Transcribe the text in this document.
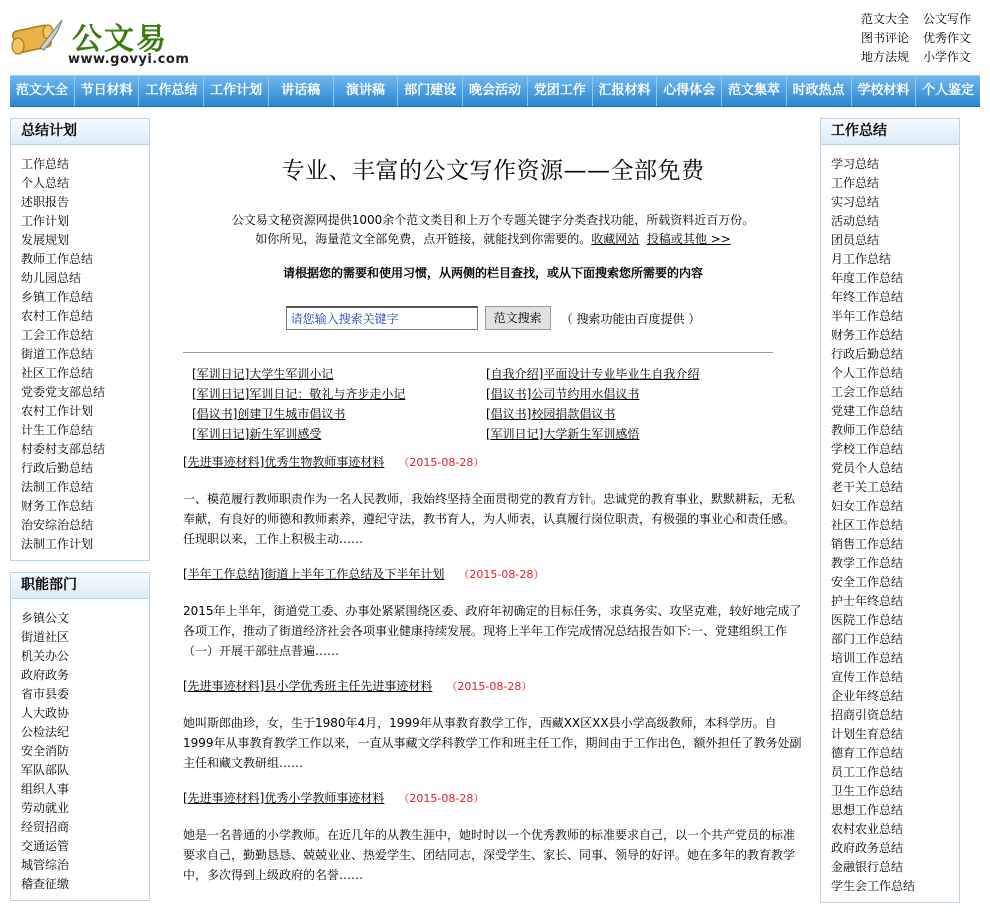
公文易
www.govyi.com
范文大全 公文写作
图书评论 优秀作文
地方法规 小学作文
范文大全 节日材料 工作总结 工作计划	讲话稿	演讲稿	部门建设 晚会活动 党团工作 汇报材料 心得体会 范文集萃 时政热点 学校材料 个人鉴定
总结计划
工作总结
个人总结
述职报告
工作计划
发展规划
教师工作总结
幼儿园总结
乡镇工作总结
农村工作总结
工会工作总结
街道工作总结
社区工作总结
党委党支部总结
农村工作计划
计生工作总结
村委村支部总结
行政后勤总结
法制工作总结
财务工作总结
治安综治总结
法制工作计划
职能部门
乡镇公文
街道社区
机关办公
政府政务
省市县委
人大政协
公检法纪
安全消防
军队部队
组织人事
劳动就业
经贸招商
交通运管
城管综治
稽查征缴
专业、丰富的公文写作资源——全部免费
公文易文秘资源网提供1000余个范文类目和上万个专题关键字分类查找功能，所载资料近百万份。
如你所见，海量范文全部免费，点开链接，就能找到你需要的。收藏网站 投稿或其他 >>
请根据您的需要和使用习惯，从两侧的栏目查找，或从下面搜索您所需要的内容
请您输入搜索关键字
范文搜索	（ 搜索功能由百度提供 ）
[军训日记]大学生军训小记	[自我介绍]平面设计专业毕业生自我介绍
[军训日记]军训日记：敬礼与齐步走小记	[倡议书]公司节约用水倡议书
[倡议书]创建卫生城市倡议书	[倡议书]校园捐款倡议书
[军训日记]新生军训感受	[军训日记]大学新生军训感悟
[先进事迹材料]优秀生物教师事迹材料 （2015-08-28）
一、模范履行教师职责作为一名人民教师，我始终坚持全面贯彻党的教育方针。忠诚党的教育事业，默默耕耘，无私奉献，有良好的师德和教师素养，遵纪守法，教书育人，为人师表，认真履行岗位职责，有极强的事业心和责任感。任现职以来，工作上积极主动……
[半年工作总结]街道上半年工作总结及下半年计划 （2015-08-28）
2015年上半年，街道党工委、办事处紧紧围绕区委、政府年初确定的目标任务，求真务实、攻坚克难，较好地完成了各项工作，推动了街道经济社会各项事业健康持续发展。现将上半年工作完成情况总结报告如下:一、党建组织工作（一）开展干部驻点普遍……
[先进事迹材料]县小学优秀班主任先进事迹材料 （2015-08-28）
她叫斯郎曲珍，女，生于1980年4月，1999年从事教育教学工作，西藏XX区XX县小学高级教师，本科学历。自1999年从事教育教学工作以来，一直从事藏文学科教学工作和班主任工作，期间由于工作出色，额外担任了教务处副主任和藏文教研组……
[先进事迹材料]优秀小学教师事迹材料 （2015-08-28）
她是一名普通的小学教师。在近几年的从教生涯中，她时时以一个优秀教师的标准要求自己，以一个共产党员的标准要求自己，勤勤恳恳、兢兢业业、热爱学生、团结同志，深受学生、家长、同事、领导的好评。她在多年的教育教学中，多次得到上级政府的名誉……
工作总结
学习总结
工作总结
实习总结
活动总结
团员总结
月工作总结
年度工作总结
年终工作总结
半年工作总结
财务工作总结
行政后勤总结
个人工作总结
工会工作总结
党建工作总结
教师工作总结
学校工作总结
党员个人总结
老干关工总结
妇女工作总结
社区工作总结
销售工作总结
教学工作总结
安全工作总结
护士年终总结
医院工作总结
部门工作总结
培训工作总结
宣传工作总结
企业年终总结
招商引资总结
计划生育总结
德育工作总结
员工工作总结
卫生工作总结
思想工作总结
农村农业总结
政府政务总结
金融银行总结
学生会工作总结
